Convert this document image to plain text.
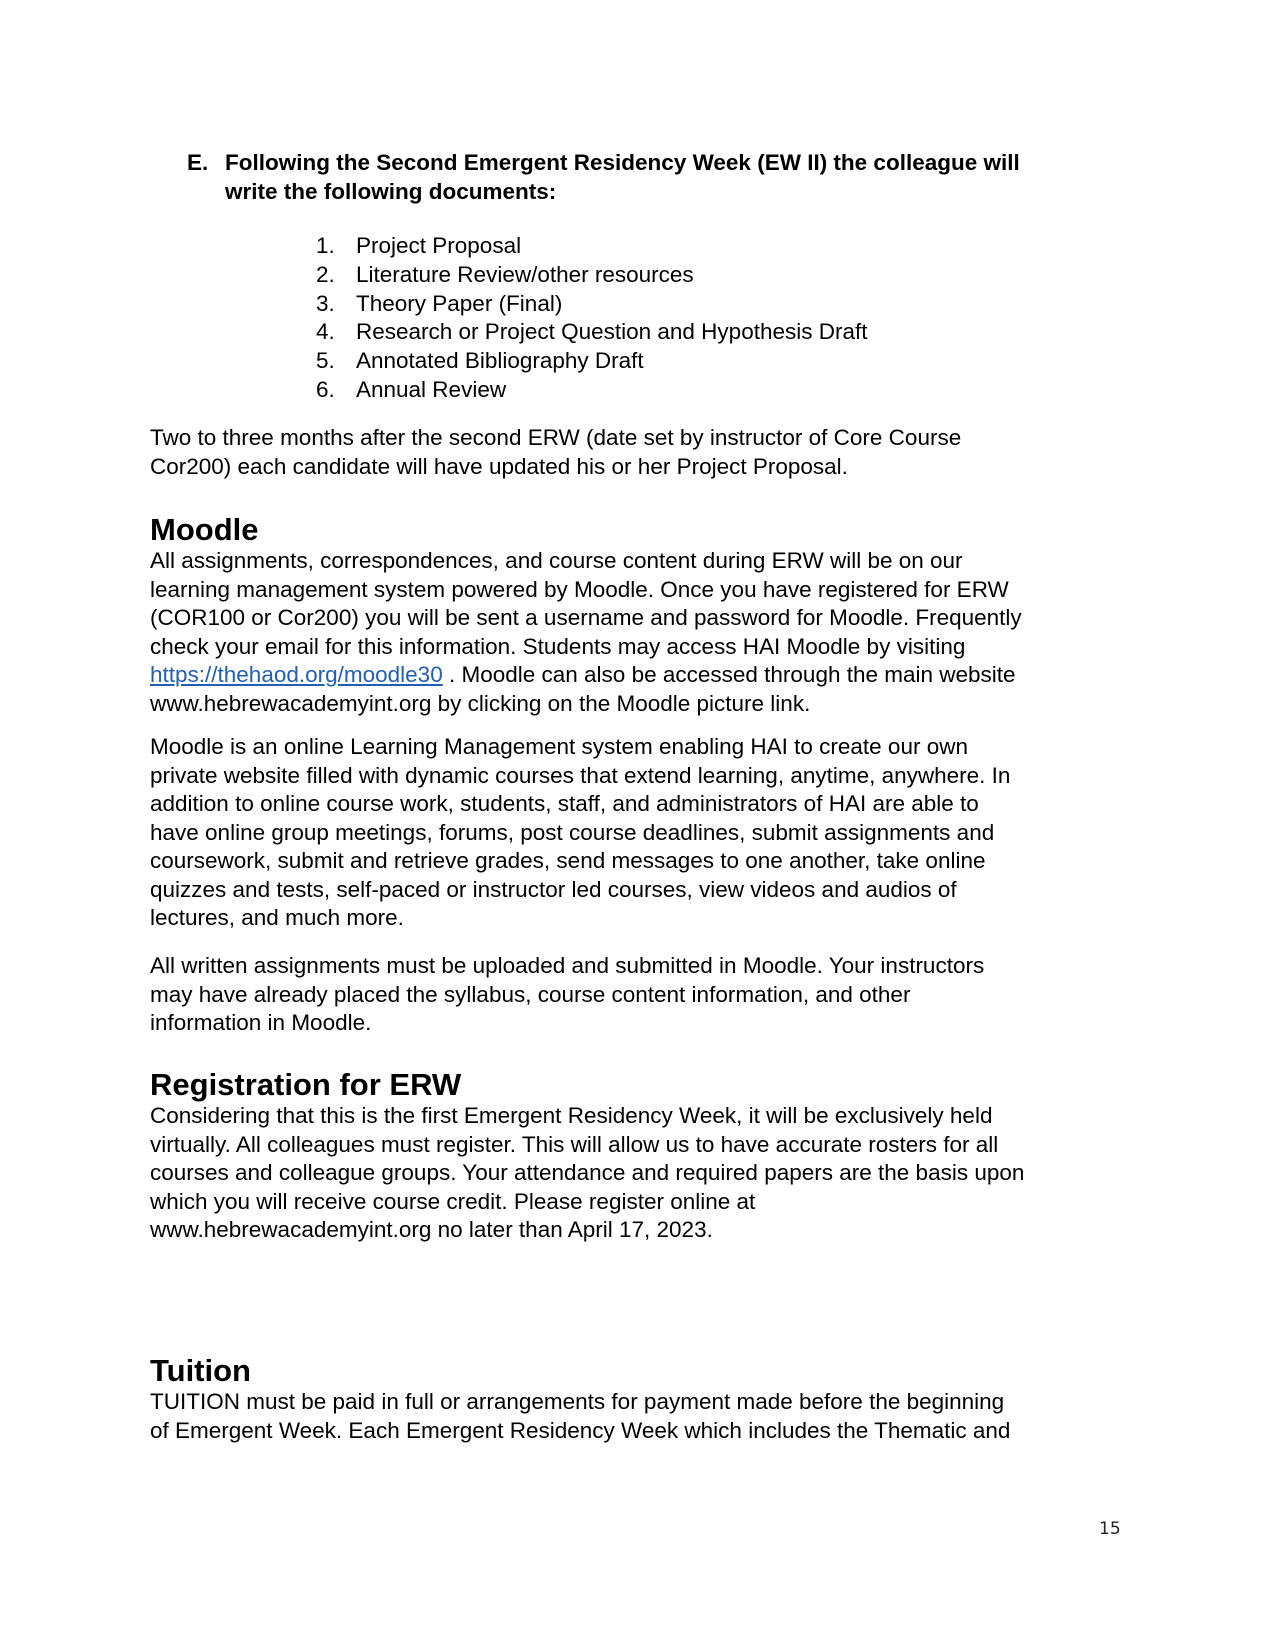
E. Following the Second Emergent Residency Week (EW II) the colleague will
write the following documents:
1. Project Proposal
2. Literature Review/other resources
3. Theory Paper (Final)
4. Research or Project Question and Hypothesis Draft
5. Annotated Bibliography Draft
6. Annual Review
Two to three months after the second ERW (date set by instructor of Core Course
Cor200) each candidate will have updated his or her Project Proposal.
Moodle
All assignments, correspondences, and course content during ERW will be on our
learning management system powered by Moodle. Once you have registered for ERW
(COR100 or Cor200) you will be sent a username and password for Moodle. Frequently
check your email for this information. Students may access HAI Moodle by visiting
https://thehaod.org/moodle30 . Moodle can also be accessed through the main website
www.hebrewacademyint.org by clicking on the Moodle picture link.
Moodle is an online Learning Management system enabling HAI to create our own
private website filled with dynamic courses that extend learning, anytime, anywhere. In
addition to online course work, students, staff, and administrators of HAI are able to
have online group meetings, forums, post course deadlines, submit assignments and
coursework, submit and retrieve grades, send messages to one another, take online
quizzes and tests, self-paced or instructor led courses, view videos and audios of
lectures, and much more.
All written assignments must be uploaded and submitted in Moodle. Your instructors
may have already placed the syllabus, course content information, and other
information in Moodle.
Registration for ERW
Considering that this is the first Emergent Residency Week, it will be exclusively held
virtually. All colleagues must register. This will allow us to have accurate rosters for all
courses and colleague groups. Your attendance and required papers are the basis upon
which you will receive course credit. Please register online at
www.hebrewacademyint.org no later than April 17, 2023.
Tuition
TUITION must be paid in full or arrangements for payment made before the beginning
of Emergent Week. Each Emergent Residency Week which includes the Thematic and
15
